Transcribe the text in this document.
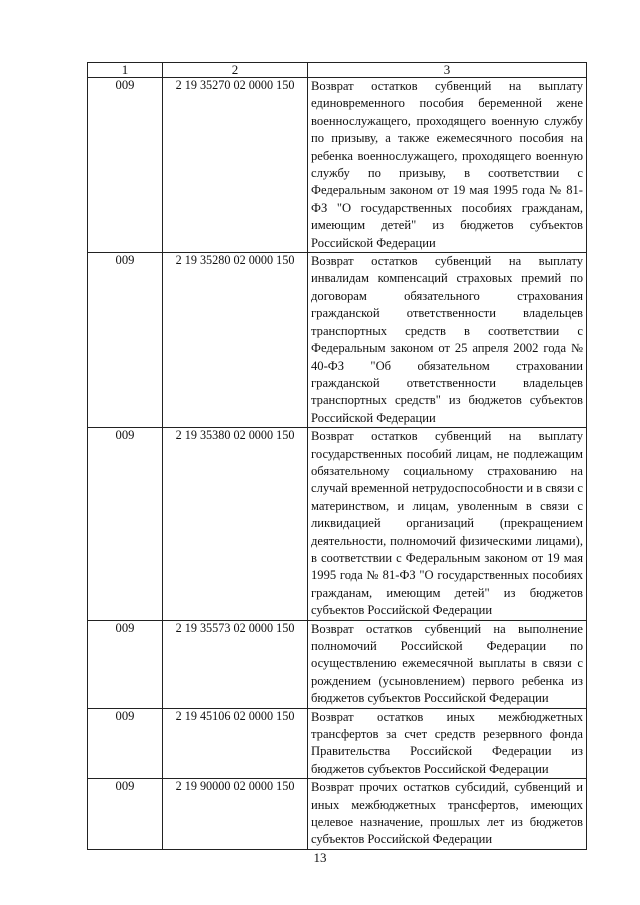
1	2	3
009	2 19 35270 02 0000 150	Возврат остатков субвенций на выплату единовременного пособия беременной жене военнослужащего, проходящего военную службу по призыву, а также ежемесячного пособия на ребенка военнослужащего, проходящего военную службу по призыву, в соответствии с Федеральным законом от 19 мая 1995 года № 81-ФЗ "О государственных пособиях гражданам, имеющим детей" из бюджетов субъектов Российской Федерации
009	2 19 35280 02 0000 150	Возврат остатков субвенций на выплату инвалидам компенсаций страховых премий по договорам обязательного страхования гражданской ответственности владельцев транспортных средств в соответствии с Федеральным законом от 25 апреля 2002 года № 40-ФЗ "Об обязательном страховании гражданской ответственности владельцев транспортных средств" из бюджетов субъектов Российской Федерации
009	2 19 35380 02 0000 150	Возврат остатков субвенций на выплату государственных пособий лицам, не подлежащим обязательному социальному страхованию на случай временной нетрудоспособности и в связи с материнством, и лицам, уволенным в связи с ликвидацией организаций (прекращением деятельности, полномочий физическими лицами), в соответствии с Федеральным законом от 19 мая 1995 года № 81-ФЗ "О государственных пособиях гражданам, имеющим детей" из бюджетов субъектов Российской Федерации
009	2 19 35573 02 0000 150	Возврат остатков субвенций на выполнение полномочий Российской Федерации по осуществлению ежемесячной выплаты в связи с рождением (усыновлением) первого ребенка из бюджетов субъектов Российской Федерации
009	2 19 45106 02 0000 150	Возврат остатков иных межбюджетных трансфертов за счет средств резервного фонда Правительства Российской Федерации из бюджетов субъектов Российской Федерации
009	2 19 90000 02 0000 150	Возврат прочих остатков субсидий, субвенций и иных межбюджетных трансфертов, имеющих целевое назначение, прошлых лет из бюджетов субъектов Российской Федерации
13
